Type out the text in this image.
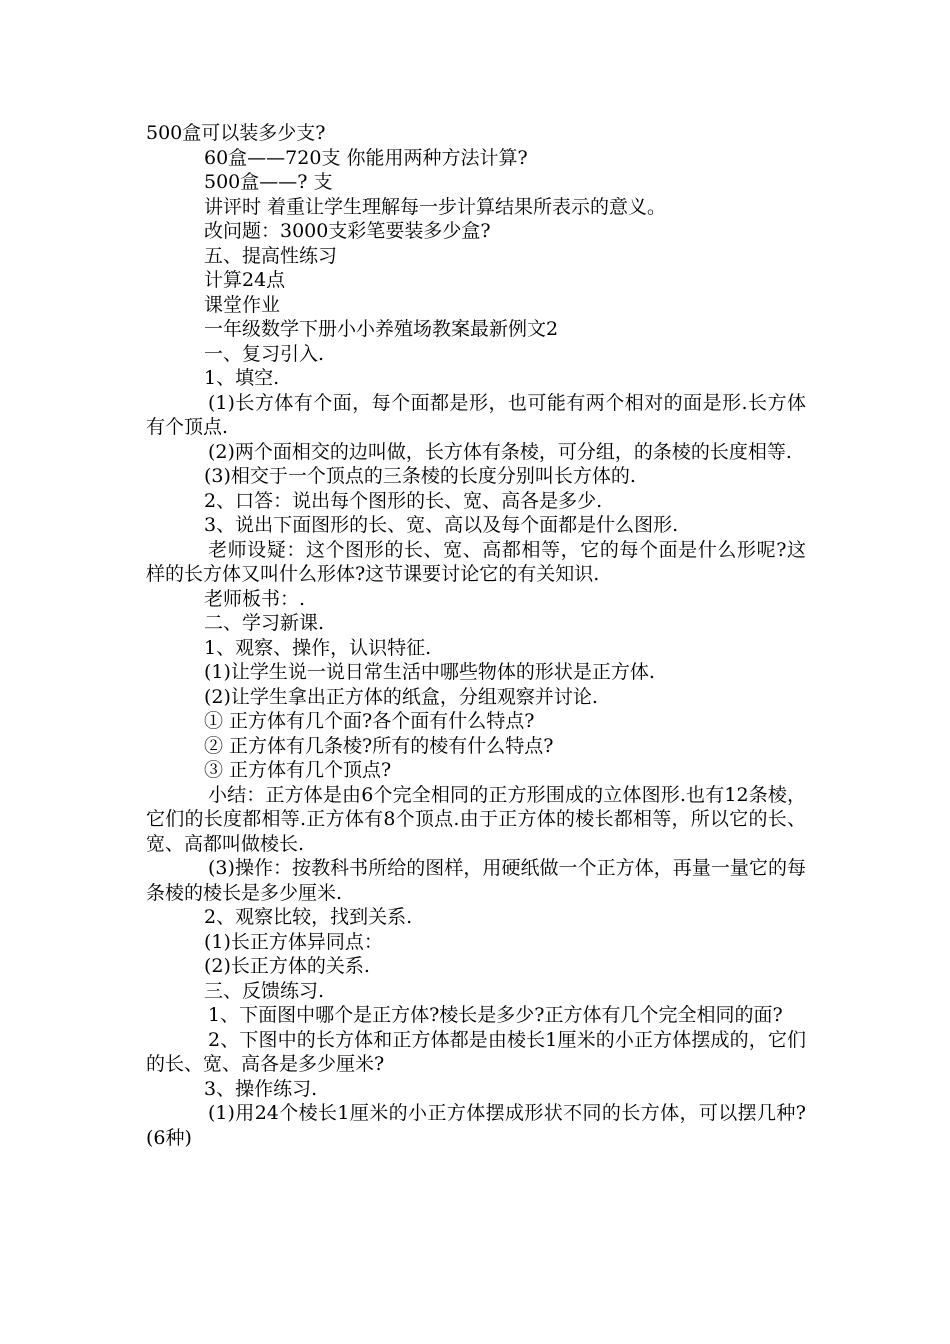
500盒可以装多少支?

60盒——720支 你能用两种方法计算?

500盒——? 支

讲评时 着重让学生理解每一步计算结果所表示的意义。

改问题：3000支彩笔要装多少盒?

五、提高性练习

计算24点

课堂作业

一年级数学下册小小养殖场教案最新例文2

一、复习引入.

1、填空.

(1)长方体有个面，每个面都是形，也可能有两个相对的面是形.长方体有个顶点.

(2)两个面相交的边叫做，长方体有条棱，可分组，的条棱的长度相等.

(3)相交于一个顶点的三条棱的长度分别叫长方体的.

2、口答：说出每个图形的长、宽、高各是多少.

3、说出下面图形的长、宽、高以及每个面都是什么图形.

老师设疑：这个图形的长、宽、高都相等，它的每个面是什么形呢?这样的长方体又叫什么形体?这节课要讨论它的有关知识.

老师板书：.

二、学习新课.

1、观察、操作，认识特征.

(1)让学生说一说日常生活中哪些物体的形状是正方体.

(2)让学生拿出正方体的纸盒，分组观察并讨论.

① 正方体有几个面?各个面有什么特点?

② 正方体有几条棱?所有的棱有什么特点?

③ 正方体有几个顶点?

小结：正方体是由6个完全相同的正方形围成的立体图形.也有12条棱，它们的长度都相等.正方体有8个顶点.由于正方体的棱长都相等，所以它的长、宽、高都叫做棱长.

(3)操作：按教科书所给的图样，用硬纸做一个正方体，再量一量它的每条棱的棱长是多少厘米.

2、观察比较，找到关系.

(1)长正方体异同点：

(2)长正方体的关系.

三、反馈练习.

1、下面图中哪个是正方体?棱长是多少?正方体有几个完全相同的面?

2、下图中的长方体和正方体都是由棱长1厘米的小正方体摆成的，它们的长、宽、高各是多少厘米?

3、操作练习.

(1)用24个棱长1厘米的小正方体摆成形状不同的长方体，可以摆几种?(6种)
